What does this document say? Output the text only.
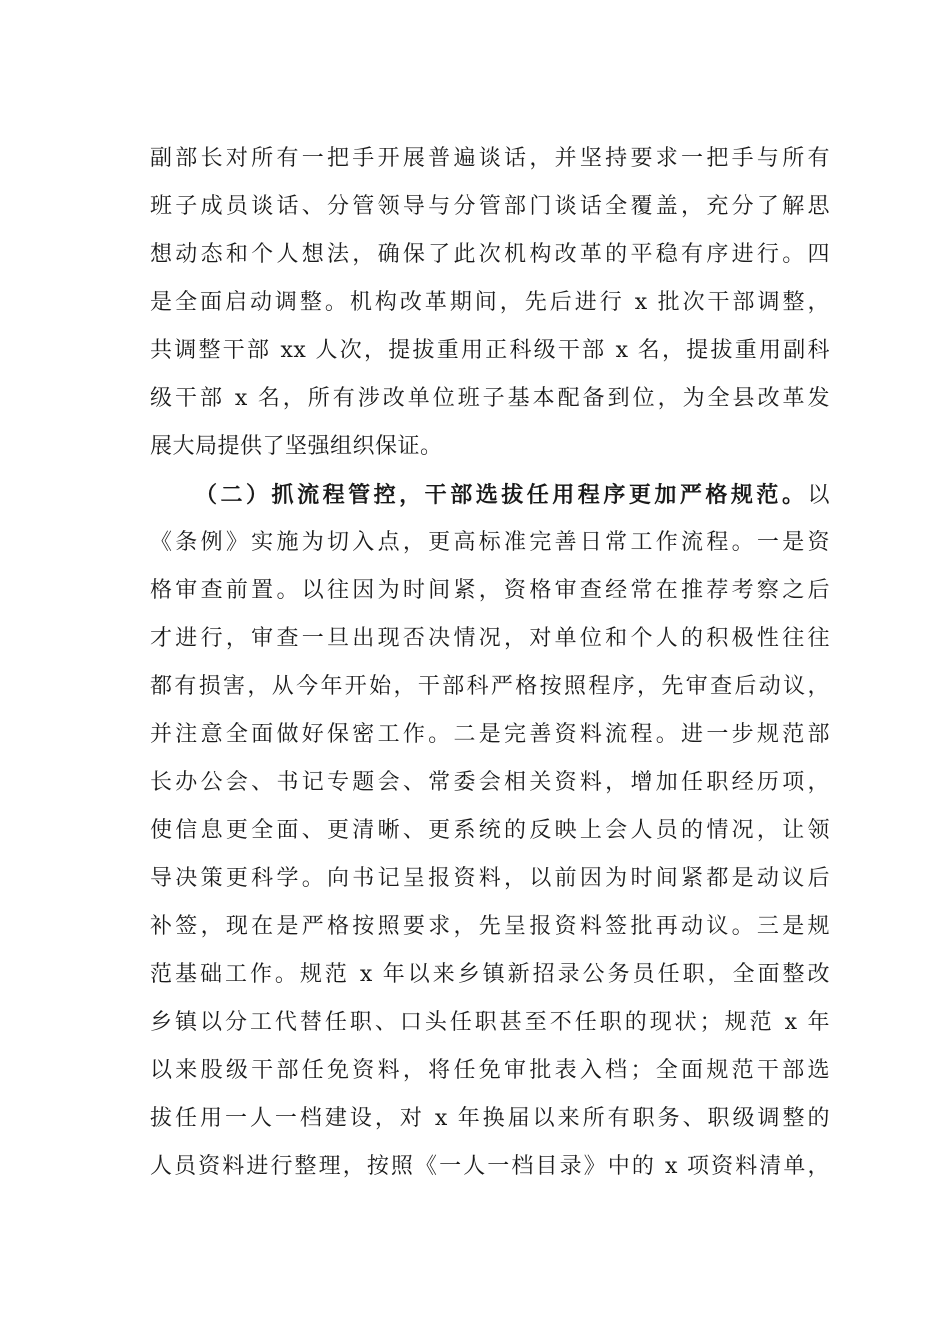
副部长对所有一把手开展普遍谈话，并坚持要求一把手与所有
班子成员谈话、分管领导与分管部门谈话全覆盖，充分了解思
想动态和个人想法，确保了此次机构改革的平稳有序进行。四
是全面启动调整。机构改革期间，先后进行 x 批次干部调整，
共调整干部 xx 人次，提拔重用正科级干部 x 名，提拔重用副科
级干部 x 名，所有涉改单位班子基本配备到位，为全县改革发
展大局提供了坚强组织保证。
（二）抓流程管控，干部选拔任用程序更加严格规范。以
《条例》实施为切入点，更高标准完善日常工作流程。一是资
格审查前置。以往因为时间紧，资格审查经常在推荐考察之后
才进行，审查一旦出现否决情况，对单位和个人的积极性往往
都有损害，从今年开始，干部科严格按照程序，先审查后动议，
并注意全面做好保密工作。二是完善资料流程。进一步规范部
长办公会、书记专题会、常委会相关资料，增加任职经历项，
使信息更全面、更清晰、更系统的反映上会人员的情况，让领
导决策更科学。向书记呈报资料，以前因为时间紧都是动议后
补签，现在是严格按照要求，先呈报资料签批再动议。三是规
范基础工作。规范 x 年以来乡镇新招录公务员任职，全面整改
乡镇以分工代替任职、口头任职甚至不任职的现状；规范 x 年
以来股级干部任免资料，将任免审批表入档；全面规范干部选
拔任用一人一档建设，对 x 年换届以来所有职务、职级调整的
人员资料进行整理，按照《一人一档目录》中的 x 项资料清单，
